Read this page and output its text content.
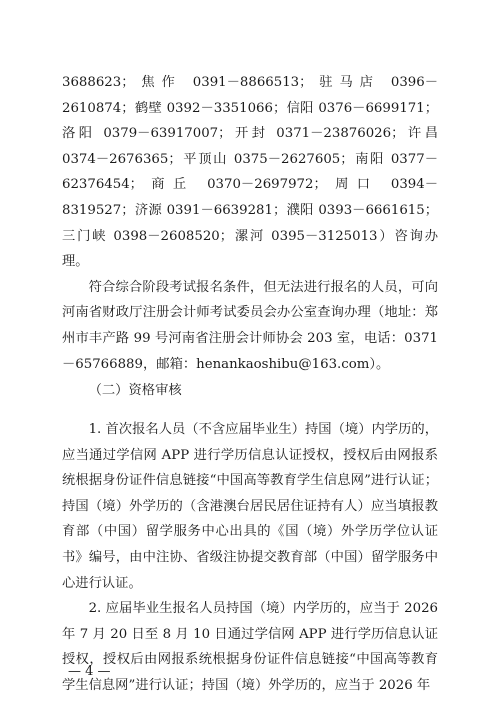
3688623；焦作 0391－8866513；驻马店 0396－2610874；鹤壁 0392－3351066；信阳 0376－6699171；洛阳 0379－63917007；开封 0371－23876026；许昌 0374－2676365；平顶山 0375－2627605；南阳 0377－62376454；商丘 0370－2697972；周口 0394－8319527；济源 0391－6639281；濮阳 0393－6661615；三门峡 0398－2608520；漯河 0395－3125013）咨询办理。

符合综合阶段考试报名条件，但无法进行报名的人员，可向河南省财政厅注册会计师考试委员会办公室查询办理（地址：郑州市丰产路 99 号河南省注册会计师协会 203 室，电话：0371－65766889，邮箱：henankaoshibu@163.com）。

（二）资格审核

1. 首次报名人员（不含应届毕业生）持国（境）内学历的，应当通过学信网 APP 进行学历信息认证授权，授权后由网报系统根据身份证件信息链接“中国高等教育学生信息网”进行认证；持国（境）外学历的（含港澳台居民居住证持有人）应当填报教育部（中国）留学服务中心出具的《国（境）外学历学位认证书》编号，由中注协、省级注协提交教育部（中国）留学服务中心进行认证。

2. 应届毕业生报名人员持国（境）内学历的，应当于 2026 年 7 月 20 日至 8 月 10 日通过学信网 APP 进行学历信息认证授权，授权后由网报系统根据身份证件信息链接“中国高等教育学生信息网”进行认证；持国（境）外学历的，应当于 2026 年

— 4 —
